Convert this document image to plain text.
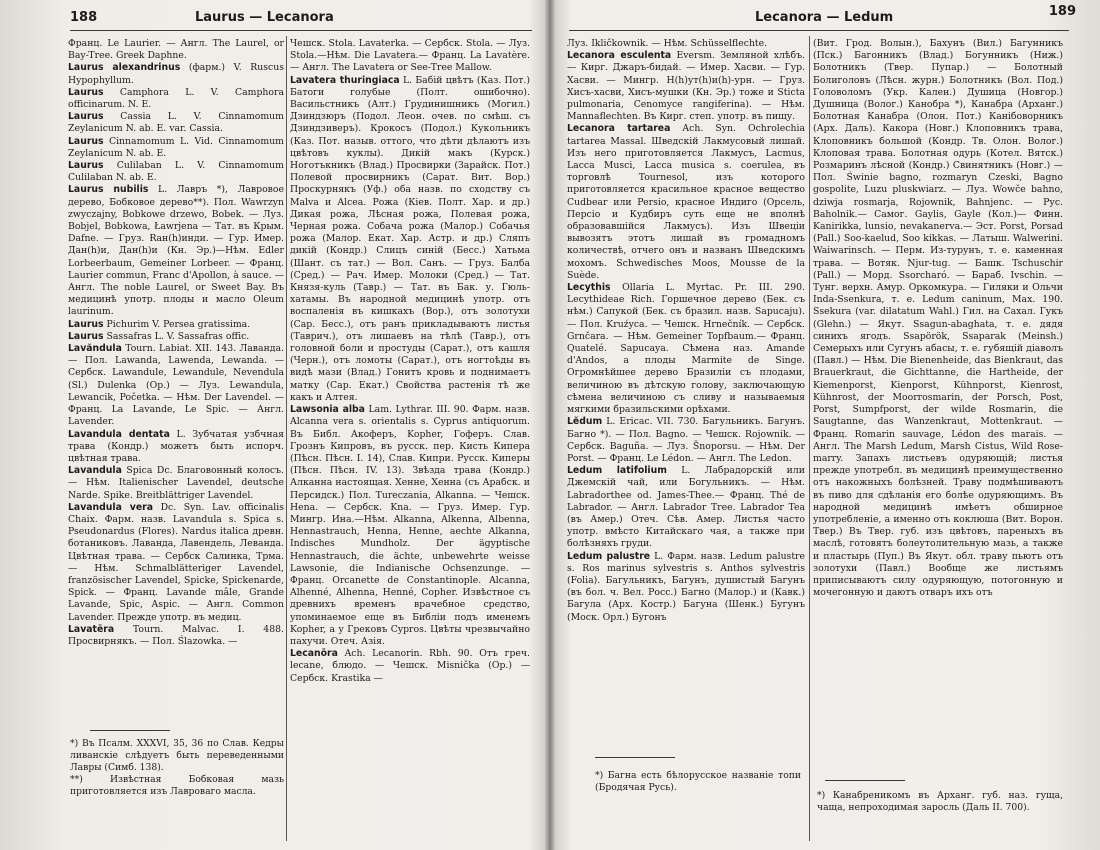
188	Laurus — Lecanora

Франц. Le Laurier. — Англ. The Laurel, or Bay-Tree. Greek Daphne.

Laurus alexandrinus (фарм.) V. Ruscus Hypophyllum.

Laurus Camphora L. V. Camphora officinarum. N. E.

Laurus Cassia L. V. Cinnamomum Zeylanicum N. ab. E. var. Cassia.

Laurus Cinnamomum L. Vid. Cinnamomum Zeylanicum N. ab. E.

Laurus Culilaban L. V. Cinnamomum Culilaban N. ab. E.

Laurus nubilis L. Лавръ *), Лавровое дерево, Бобковое дерево**). Пол. Wawrzyn zwyczajny, Bobkowe drzewo, Bobek. — Луз. Bobjel, Bobkowa, Ławrjena — Тат. въ Крым. Dafne. — Груз. Ɍан(h)инди. — Гур. Имер. Дан(h)и, Дан(h)и (Кн. Эр.)—Нѣм. Edler Lorbeerbaum, Gemeiner Lorbeer. — Франц. Laurier commun, Franc d'Apollon, à sauce. — Англ. The noble Laurel, or Sweet Bay. Въ медицинѣ употр. плоды и масло Oleum laurinum.

Laurus Pichurim V. Persea gratissima.

Laurus Sassafras L. V. Sassafras offic.

Lavăndula Tourn. Labiat. XII. 143. Лаванда. — Пол. Lawanda, Lawenda, Lewanda. — Сербск. Lawandule, Lewandule, Nevendula (Sl.) Dulenka (Op.) — Луз. Lewandula, Lewancik, Početka. — Нѣм. Der Lavendel. — Франц. La Lavande, Le Spic. — Англ. Lavender.

Lavandula dentata L. Зубчатая узбчная трава (Кондр.) можетъ быть испорч. цвѣтная трава.

Lavandula Spica Dc. Благовонный колосъ. — Нѣм. Italienischer Lavendel, deutsche Narde. Spike. Breitblättriger Lavendel.

Lavandula vera Dc. Syn. Lav. officinalis Chaix. Фарм. назв. Lavandula s. Spica s. Pseudonardus (Flores). Nardus italica древн. ботаниковъ. Лаванда, Лавендель, Леванда. Цвѣтная трава. — Сербск Салинка, Трма. — Нѣм. Schmalblätteriger Lavendel, französischer Lavendel, Spicke, Spickenarde, Spick. — Франц. Lavande mâle, Grande Lavande, Spic, Aspic. — Англ. Common Lavender. Прежде употр. въ медиц.

Lavatēra Tourn. Malvac. I. 488. Просвирнякъ. — Пол. Ślazowka. —

Чешск. Stola. Lavaterka. — Сербск. Stola. — Луз. Stola.—Нѣм. Die Lavatera.— Франц. La Lavatère. — Англ. The Lavatera or See-Tree Mallow.

Lavatera thuringiaca L. Бабій цвѣтъ (Каз. Пот.) Батоги голубые (Полт. ошибочно). Васильстникъ (Алт.) Грудинишникъ (Могил.) Дзиндзюръ (Подол. Леон. очев. по смѣш. съ Дзиндзиверъ). Крокосъ (Подол.) Кукольникъ (Каз. Пот. назыв. оттого, что дѣти дѣлаютъ изъ цвѣтовъ куклы). Дикій макъ (Курск.) Ноготъкникъ (Влад.) Просвирки (Зарайск. Пот.) Полевой просвирникъ (Сарат. Вит. Вор.) Проскурнякъ (Уф.) оба назв. по сходству съ Malva и Alcea. Рожа (Кіев. Полт. Хар. и др.) Дикая рожа, Лѣсная рожа, Полевая рожа, Черная рожа. Собача рожа (Малор.) Собачья рожа (Малор. Екат. Хар. Астр. и др.) Сляпъ дикій (Кондр.) Слицъ синій (Бесс.) Хатьма (Шант. съ тат.) — Вол. Санъ. — Груз. Балба (Сред.) — Рач. Имер. Молоки (Сред.) — Тат. Князя-куль (Тавр.) — Тат. въ Бак. у. Гюль-хатамы. Въ народной медицинѣ употр. отъ воспаленія въ кишкахъ (Вор.), отъ золотухи (Сар. Бесс.), отъ ранъ прикладываютъ листья (Таврич.), отъ лишаевъ на тѣлѣ (Тавр.), отъ головной боли и простуды (Сарат.), отъ кашля (Черн.), отъ ломоты (Сарат.), отъ ногтоѣды въ видѣ мази (Влад.) Гонитъ кровь и поднимаетъ матку (Сар. Екат.) Свойства растенія тѣ же какъ и Алтея.

Lawsonia alba Lam. Lythrar. III. 90. Фарм. назв. Alcanna vera s. orientalis s. Cyprus antiquorum. Въ Библ. Акоферъ, Kopher, Гоферъ. Слав. Грознъ Кипровъ, въ русск. пер. Кисть Кипера (Пѣсн. Пѣсн. I. 14), Слав. Кипри. Русск. Киперы (Пѣсн. Пѣсн. IV. 13). Звѣзда трава (Кондр.) Алканна настоящая. Хенне, Хенна (съ Арабск. и Персидск.) Пол. Tureczania, Alkanna. — Чешск. Henа. — Сербск. Kna. — Груз. Имер. Гур. Мингр. Ина.—Нѣм. Alkanna, Alkenna, Albenna, Hennastrauch, Henna, Henne, aechte Alkanna, Indisches Mundholz. Der ägyptische Hennastrauch, die ächte, unbewehrte weisse Lawsonie, die Indianische Ochsenzunge. — Франц. Orcanette de Constantinople. Alcanna, Alhenné, Alhenna, Henné, Copher. Извѣстное съ древнихъ временъ врачебное средство, упоминаемое еще въ Библіи подъ именемъ Kopher, а у Грековъ Cypros. Цвѣты чрезвычайно пахучи. Отеч. Азія.

Lecanōra Ach. Lecanorin. Rbh. 90. Отъ греч. lecane, блюдо. — Чешск. Misnička (Op.) — Сербск. Krastika —

*) Въ Псалм. XXXVI, 35, 36 по Слав. Кедры ливанскіе слѣдуетъ быть переведенными Лавры (Симб. 138).

**) Извѣстная Бобковая мазь приготовляется изъ Лавроваго масла.

189
Lecanora — Ledum

Луз. Ikličkownik. — Нѣм. Schüsselflechte.

Lecanora esculenta Eversm. Земляной хлѣбъ. — Кирг. Джаръ-бидай. — Имер. Хасви. — Гур. Хасви. — Мингр. Н(h)ут(h)и(h)-урн. — Груз. Хисъ-хасви, Хисъ-мушки (Кн. Эр.) тоже и Sticta pulmonaria, Cenomyce rangiferina). — Нѣм. Mannaflechten. Въ Кирг. степ. употр. въ пищу.

Lecanora tartarea Ach. Syn. Ochrolechia tartarea Massal. Шведскій Лакмусовый лишай. Изъ него приготовляется Лакмусъ, Lacmus, Lacca Musci, Lacca musica s. coerulea, въ торговлѣ Tournesol, изъ которого приготовляется красильное красное вещество Cudbear или Persio, красное Индиго (Орсель, Персіо и Кудбиръ суть еще не вполнѣ образовавшійся Лакмусъ). Изъ Швеціи вывозятъ этотъ лишай въ громадномъ количествѣ, отчего онъ и названъ Шведскимъ мохомъ. Schwedisches Moos, Mousse de la Suède.

Lecythis Ollaria L. Myrtac. Pr. III. 290. Lecythideae Rich. Горшечное дерево (Бек. съ нѣм.) Сапукой (Бек. съ бразил. назв. Sapucaju). — Пол. Kruźyca. — Чешск. Hrnečník. — Сербск. Grnčara. — Нѣм. Gemeiner Topfbaum.— Франц. Quatelé. Sapucaya. Сѣмена наз. Amande d'Andos, а плоды Marmite de Singe. Огромнѣйшее дерево Бразиліи съ плодами, величиною въ дѣтскую голову, заключающую сѣмена величиною съ сливу и называемыя мягкими бразильскими орѣхами.

Lĕdum L. Ericac. VII. 730. Багульникъ. Багунъ. Багно *). — Пол. Bagno. — Чешск. Rojownik. — Сербск. Baguña. — Луз. Šnoporsu. — Нѣм. Der Porst. — Франц. Le Lédon. — Англ. The Ledon.

Ledum latifolium L. Лабрадорскій или Джемскій чай, или Богульникъ. — Нѣм. Labradorthee od. James-Thee.— Франц. Thé de Labrador. — Англ. Labrador Tree. Labrador Tea (въ Амер.) Отеч. Сѣв. Амер. Листья часто употр. вмѣсто Китайскаго чая, а также при болѣзняхъ груди.

Ledum palustre L. Фарм. назв. Ledum palustre s. Ros marinus sylvestris s. Anthos sylvestris (Folia). Багульникъ, Багунъ, душистый Багунъ (въ бол. ч. Вел. Росс.) Багно (Малор.) и (Кавк.) Багула (Арх. Костр.) Багуна (Шенк.) Бугунъ (Моск. Орл.) Бугонъ

(Вит. Грод. Волын.), Бахунъ (Вил.) Багунникъ (Пск.) Багонникъ (Влад.) Богунникъ (Ниж.) Болотникъ (Твер. Пупар.) — Болотный Болиголовъ (Лѣсн. журн.) Болотникъ (Вол. Под.) Головоломъ (Укр. Кален.) Душица (Новгор.) Душница (Волог.) Канобра *), Канабра (Арханг.) Болотная Канабра (Олон. Пот.) Канібоворникъ (Арх. Даль). Какора (Новг.) Клоповникъ трава, Клоповникъ большой (Кондр. Тв. Олон. Волог.) Клоповая трава. Болотная одурь (Котел. Вятск.) Розмаринъ лѣсной (Кондр.) Свинятникъ (Новг.) — Пол. Świnie bagno, rozmaryn Czeski, Bagno gospolite, Luzu pluskwiarz. — Луз. Wowče bahno, dziwja rosmarja, Rojownik, Bahnjenc. — Рус. Baholnik.— Самог. Gaylis, Gayle (Кол.)— Финн. Kanirikka, lunsio, nevakanerva.— Эст. Porst, Porsad (Pall.) Soo-kaelud, Soo kikkas. — Латыш. Walwerini. Waiwarinsch. — Перм. Из-турунъ, т. е. каменная трава. — Вотяк. Njur-tug. — Башк. Tschuschir (Pall.) — Морд. Ssorcharó. — Бараб. Ivschin. — Тунг. верхн. Амур. Оркомкура. — Гиляки и Ольчи Inda-Ssenkura, т. е. Ledum caninum, Max. 190. Ssekura (var. dilatatum Wahl.) Гил. на Сахал. Гукъ (Glehn.) — Якут. Ssagun-abaghata, т. е. дядя синихъ ягодъ. Ssapörök, Ssaparak (Meinsh.) Семерыхъ или Сугунъ абасы, т. е. губящій діаволъ (Павл.) — Нѣм. Die Bienenheide, das Bienkraut, das Brauerkraut, die Gichttanne, die Hartheide, der Kiemenporst, Kienporst, Kühnporst, Kienrost, Kühnrost, der Moorrosmarin, der Porsch, Post, Porst, Sumpfporst, der wilde Rosmarin, die Saugtanne, das Wanzenkraut, Mottenkraut. — Франц. Romarin sauvage, Lédon des marais. — Англ. The Marsh Ledum, Marsh Cistus, Wild Rose-marry. Запахъ листьевъ одуряющій; листья прежде употребл. въ медицинѣ преимущественно отъ накожныхъ болѣзней. Траву подмѣшиваютъ въ пиво для сдѣланія его болѣе одуряющимъ. Въ народной медицинѣ имѣетъ обширное употребленіе, а именно отъ коклюша (Вит. Ворон. Твер.) Въ Твер. губ. изъ цвѣтовъ, пареныхъ въ маслѣ, готовятъ болеутолительную мазь, а также и пластырь (Пуп.) Въ Якут. обл. траву пьютъ отъ золотухи (Павл.) Вообще же листьямъ приписываютъ силу одуряющую, потогонную и мочегонную и даютъ отваръ ихъ отъ

*) Багна есть бѣлорусское названіе топи (Бродячая Русь).
*) Канабреникомъ въ Арханг. губ. наз. гуща, чаща, непроходимая заросль (Даль II. 700).
